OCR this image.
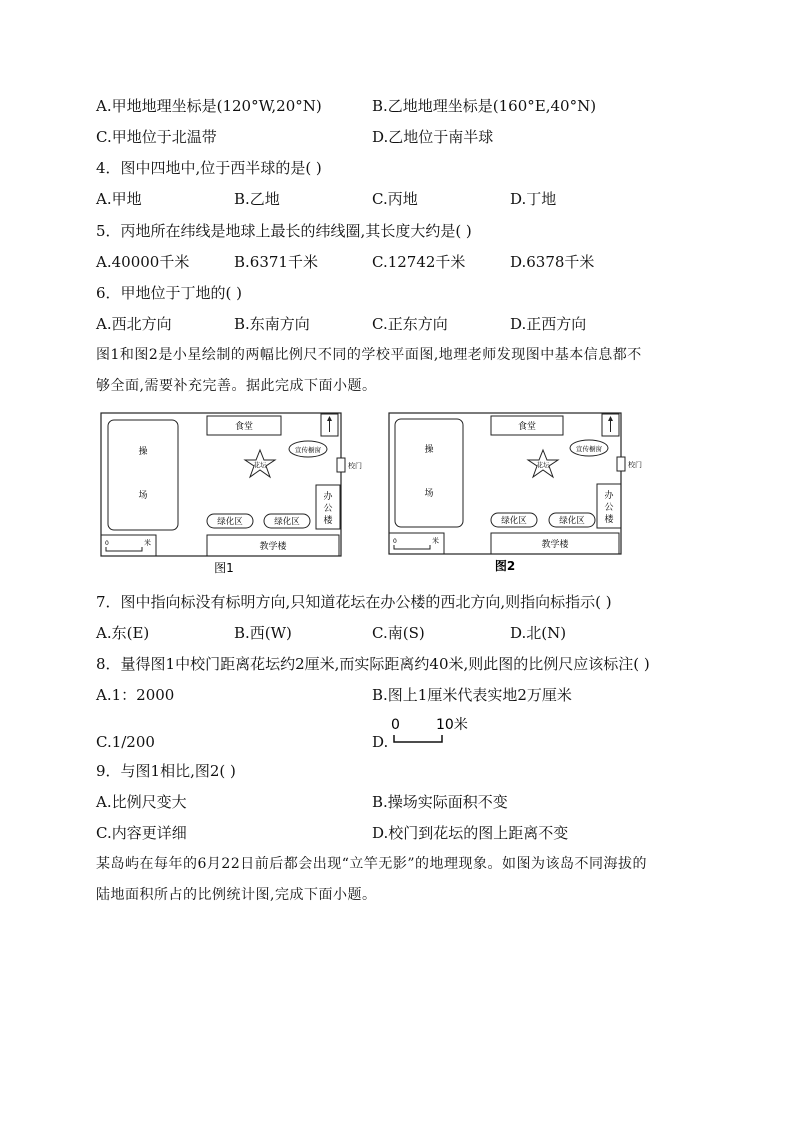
A.甲地地理坐标是(120°W,20°N)	B.乙地地理坐标是(160°E,40°N)
C.甲地位于北温带	D.乙地位于南半球
4．图中四地中,位于西半球的是( )
A.甲地	B.乙地	C.丙地	D.丁地
5．丙地所在纬线是地球上最长的纬线圈,其长度大约是( )
A.40000千米	B.6371千米	C.12742千米	D.6378千米
6．甲地位于丁地的( )
A.西北方向	B.东南方向	C.正东方向	D.正西方向
图1和图2是小星绘制的两幅比例尺不同的学校平面图,地理老师发现图中基本信息都不
够全面,需要补充完善。据此完成下面小题。
操
场
食堂
宣传橱窗
花坛	校门
办
公
楼
绿化区	绿化区
教学楼
0	米
图1
操
场
食堂
宣传橱窗
花坛	校门
办
公
楼
绿化区	绿化区
教学楼
0	米
图2
7．图中指向标没有标明方向,只知道花坛在办公楼的西北方向,则指向标指示( )
A.东(E)	B.西(W)	C.南(S)	D.北(N)
8．量得图1中校门距离花坛约2厘米,而实际距离约40米,则此图的比例尺应该标注( )
A.1：2000	B.图上1厘米代表实地2万厘米
C.1/200	D.
0	10米
9．与图1相比,图2( )
A.比例尺变大	B.操场实际面积不变
C.内容更详细	D.校门到花坛的图上距离不变
某岛屿在每年的6月22日前后都会出现“立竿无影”的地理现象。如图为该岛不同海拔的
陆地面积所占的比例统计图,完成下面小题。
